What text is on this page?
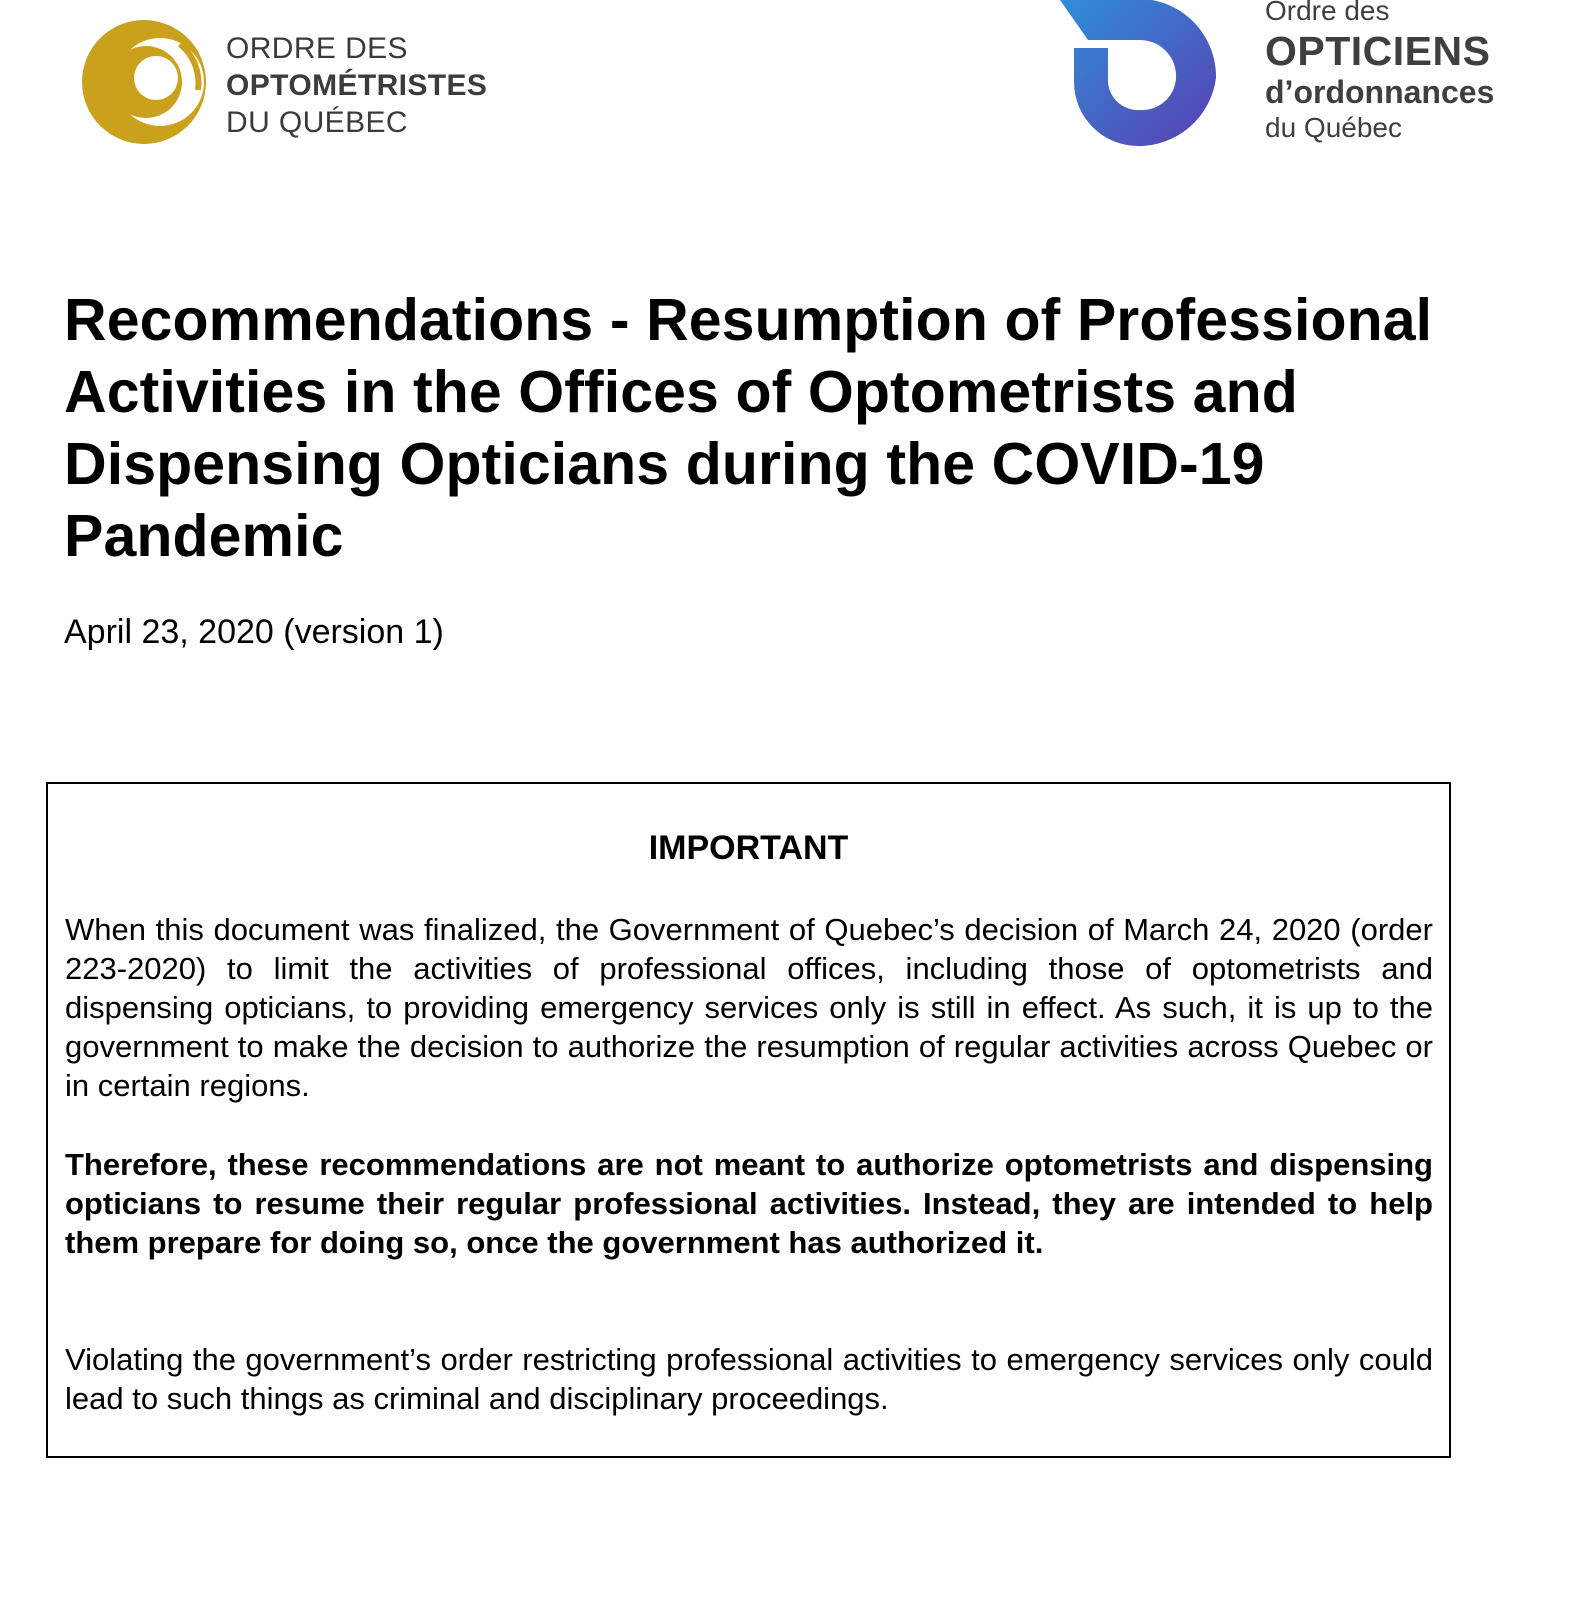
ORDRE DES
OPTOMÉTRISTES
DU QUÉBEC
Ordre des
OPTICIENS
d’ordonnances
du Québec
Recommendations - Resumption of Professional Activities in the Offices of Optometrists and Dispensing Opticians during the COVID-19 Pandemic

April 23, 2020 (version 1)

IMPORTANT

When this document was finalized, the Government of Quebec’s decision of March 24, 2020 (order 223-2020) to limit the activities of professional offices, including those of optometrists and dispensing opticians, to providing emergency services only is still in effect. As such, it is up to the government to make the decision to authorize the resumption of regular activities across Quebec or in certain regions.

Therefore, these recommendations are not meant to authorize optometrists and dispensing opticians to resume their regular professional activities. Instead, they are intended to help them prepare for doing so, once the government has authorized it.

Violating the government’s order restricting professional activities to emergency services only could lead to such things as criminal and disciplinary proceedings.
